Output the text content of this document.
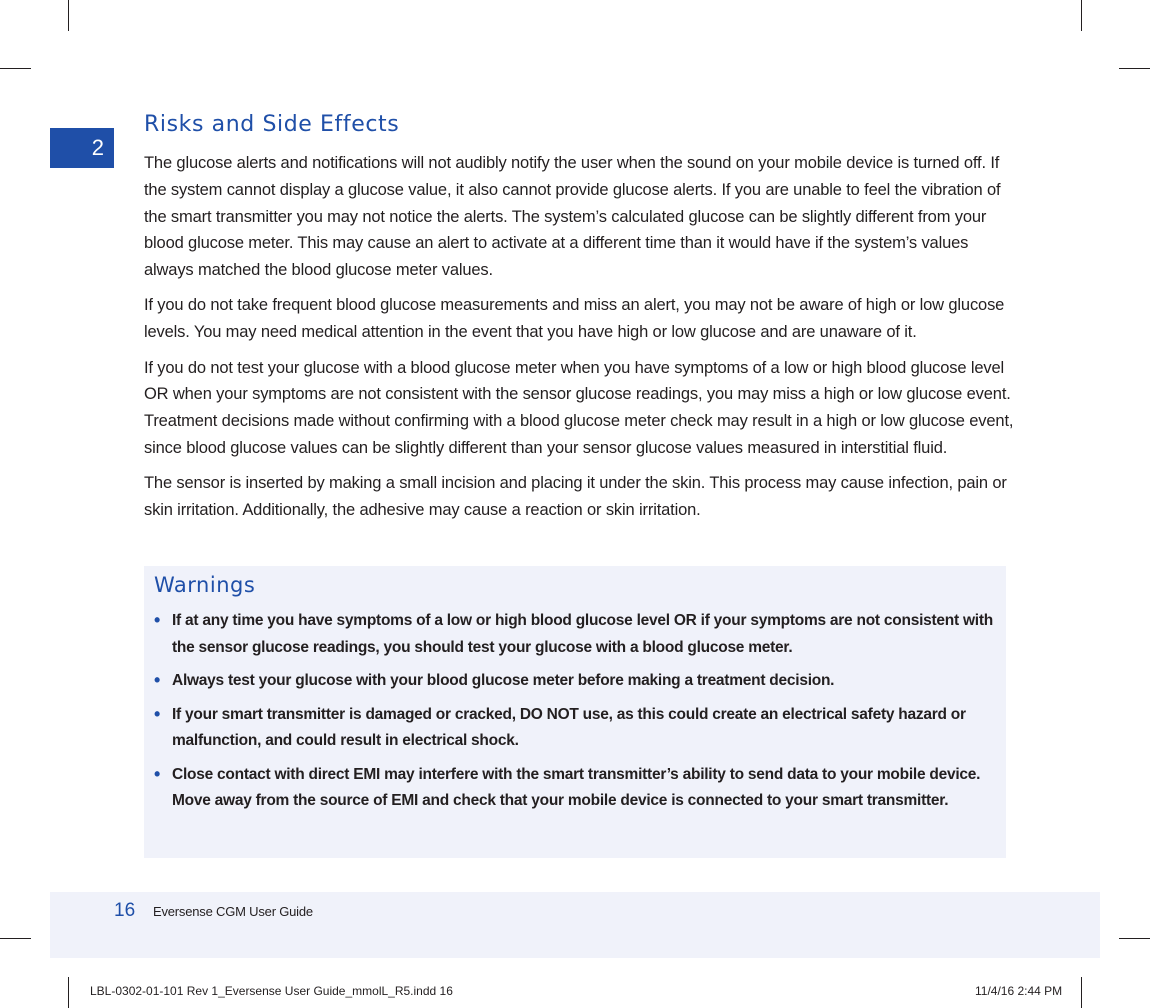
2
Risks and Side Effects

The glucose alerts and notifications will not audibly notify the user when the sound on your mobile device is turned off. If the system cannot display a glucose value, it also cannot provide glucose alerts. If you are unable to feel the vibration of the smart transmitter you may not notice the alerts. The system’s calculated glucose can be slightly different from your blood glucose meter. This may cause an alert to activate at a different time than it would have if the system’s values always matched the blood glucose meter values.

If you do not take frequent blood glucose measurements and miss an alert, you may not be aware of high or low glucose levels. You may need medical attention in the event that you have high or low glucose and are unaware of it.

If you do not test your glucose with a blood glucose meter when you have symptoms of a low or high blood glucose level OR when your symptoms are not consistent with the sensor glucose readings, you may miss a high or low glucose event. Treatment decisions made without confirming with a blood glucose meter check may result in a high or low glucose event, since blood glucose values can be slightly different than your sensor glucose values measured in interstitial fluid.

The sensor is inserted by making a small incision and placing it under the skin. This process may cause infection, pain or skin irritation. Additionally, the adhesive may cause a reaction or skin irritation.

Warnings
• If at any time you have symptoms of a low or high blood glucose level OR if your symptoms are not consistent with the sensor glucose readings, you should test your glucose with a blood glucose meter.
• Always test your glucose with your blood glucose meter before making a treatment decision.
• If your smart transmitter is damaged or cracked, DO NOT use, as this could create an electrical safety hazard or malfunction, and could result in electrical shock.
• Close contact with direct EMI may interfere with the smart transmitter’s ability to send data to your mobile device. Move away from the source of EMI and check that your mobile device is connected to your smart transmitter.
16 Eversense CGM User Guide
LBL-0302-01-101 Rev 1_Eversense User Guide_mmolL_R5.indd 16	11/4/16 2:44 PM
